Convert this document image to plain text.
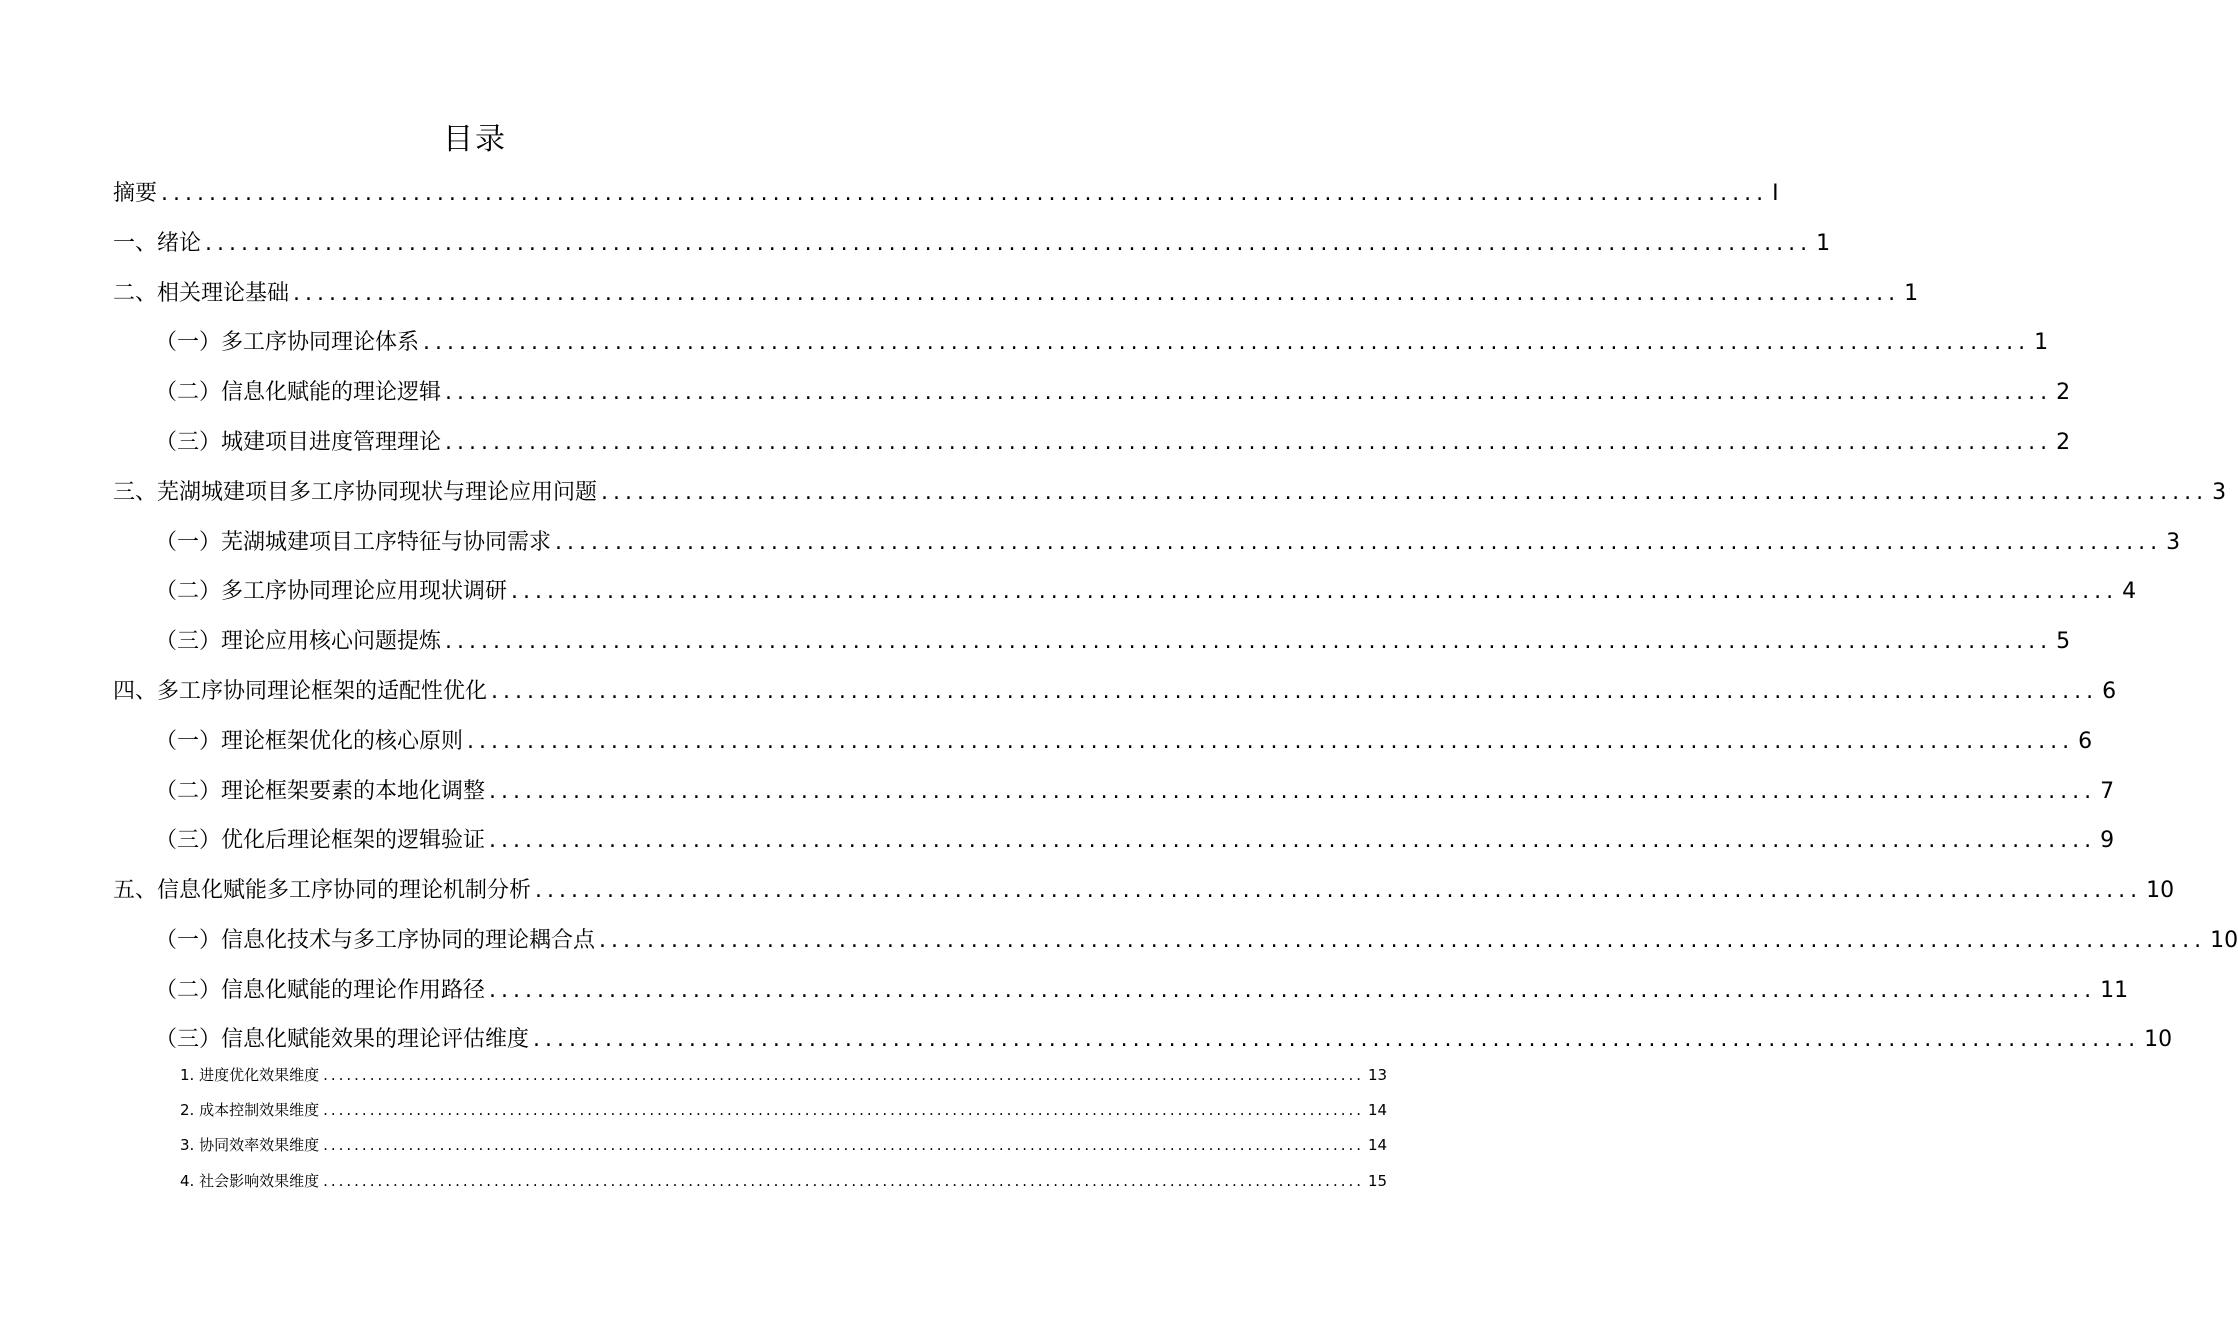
目录
摘要 ...................................................................................................................................... I
一、绪论 ...................................................................................................................................... 1
二、相关理论基础 ...................................................................................................................................... 1
（一）多工序协同理论体系 ...................................................................................................................................... 1
（二）信息化赋能的理论逻辑 ...................................................................................................................................... 2
（三）城建项目进度管理理论 ...................................................................................................................................... 2
三、芜湖城建项目多工序协同现状与理论应用问题 ...................................................................................................................................... 3
（一）芜湖城建项目工序特征与协同需求 ...................................................................................................................................... 3
（二）多工序协同理论应用现状调研 ...................................................................................................................................... 4
（三）理论应用核心问题提炼 ...................................................................................................................................... 5
四、多工序协同理论框架的适配性优化 ...................................................................................................................................... 6
（一）理论框架优化的核心原则 ...................................................................................................................................... 6
（二）理论框架要素的本地化调整 ...................................................................................................................................... 7
（三）优化后理论框架的逻辑验证 ...................................................................................................................................... 9
五、信息化赋能多工序协同的理论机制分析 ...................................................................................................................................... 10
（一）信息化技术与多工序协同的理论耦合点 ...................................................................................................................................... 10
（二）信息化赋能的理论作用路径 ...................................................................................................................................... 11
（三）信息化赋能效果的理论评估维度 ...................................................................................................................................... 10
1. 进度优化效果维度 ...................................................................................................................................... 13
2. 成本控制效果维度 ...................................................................................................................................... 14
3. 协同效率效果维度 ...................................................................................................................................... 14
4. 社会影响效果维度 ...................................................................................................................................... 15
